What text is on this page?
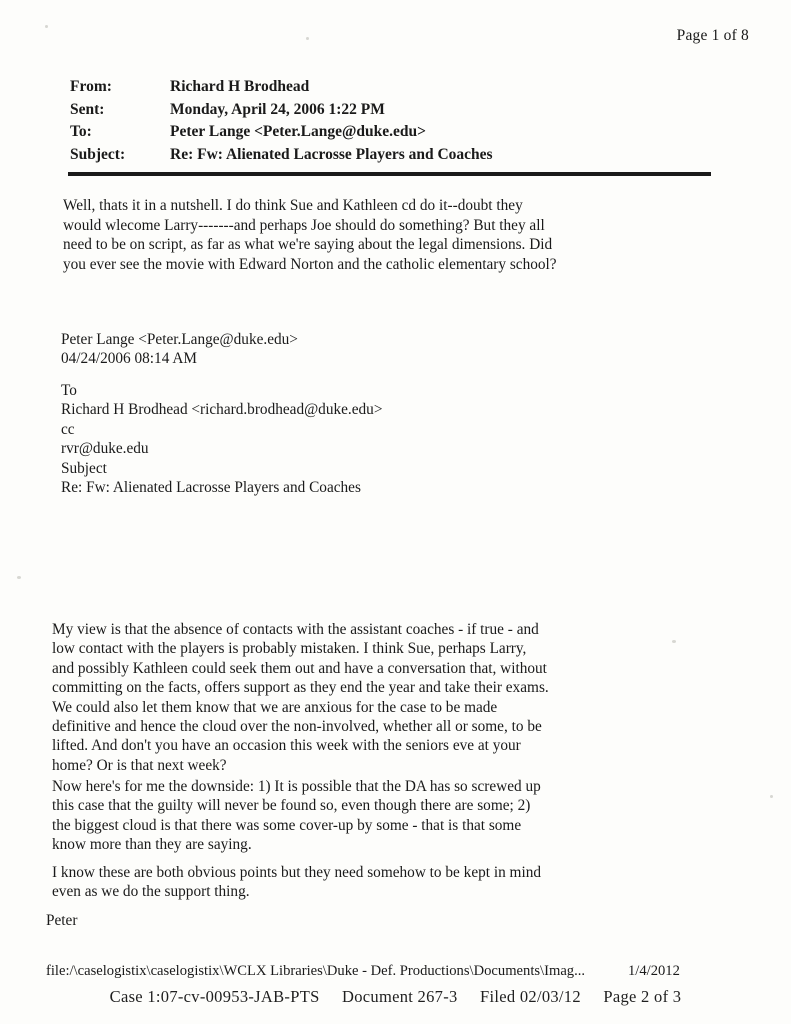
Page 1 of 8
From:	Richard H Brodhead
Sent:	Monday, April 24, 2006 1:22 PM
To:	Peter Lange <Peter.Lange@duke.edu>
Subject:	Re: Fw: Alienated Lacrosse Players and Coaches
Well, thats it in a nutshell. I do think Sue and Kathleen cd do it--doubt they would wlecome Larry-------and perhaps Joe should do something? But they all need to be on script, as far as what we're saying about the legal dimensions. Did you ever see the movie with Edward Norton and the catholic elementary school?
Peter Lange <Peter.Lange@duke.edu>
04/24/2006 08:14 AM
To
Richard H Brodhead <richard.brodhead@duke.edu>
cc
rvr@duke.edu
Subject
Re: Fw: Alienated Lacrosse Players and Coaches
My view is that the absence of contacts with the assistant coaches - if true - and low contact with the players is probably mistaken. I think Sue, perhaps Larry, and possibly Kathleen could seek them out and have a conversation that, without committing on the facts, offers support as they end the year and take their exams. We could also let them know that we are anxious for the case to be made definitive and hence the cloud over the non-involved, whether all or some, to be lifted. And don't you have an occasion this week with the seniors eve at your home? Or is that next week?
Now here's for me the downside: 1) It is possible that the DA has so screwed up this case that the guilty will never be found so, even though there are some; 2) the biggest cloud is that there was some cover-up by some - that is that some know more than they are saying.
I know these are both obvious points but they need somehow to be kept in mind even as we do the support thing.
Peter
file:/\caselogistix\caselogistix\WCLX Libraries\Duke - Def. Productions\Documents\Imag...	1/4/2012
Case 1:07-cv-00953-JAB-PTS Document 267-3 Filed 02/03/12 Page 2 of 3
